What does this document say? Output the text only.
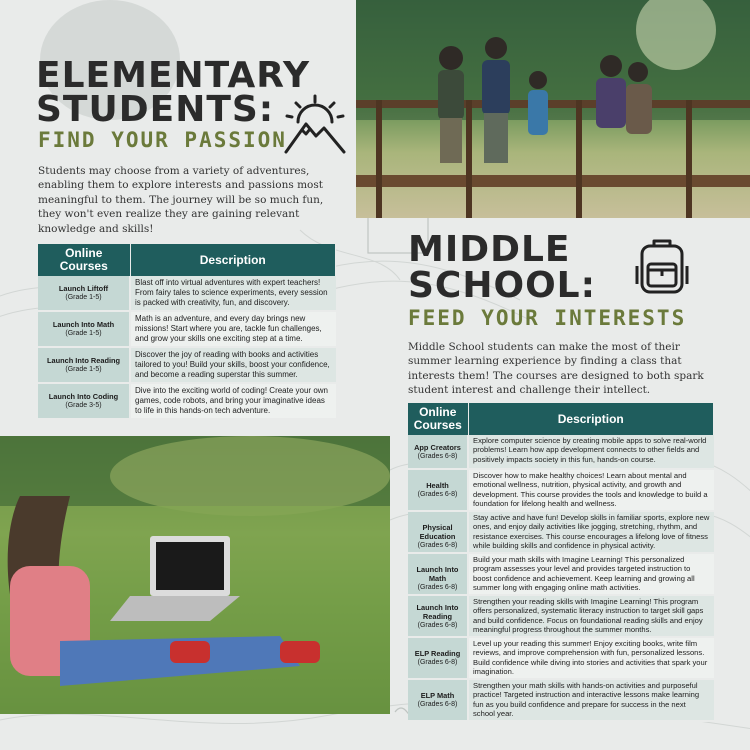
ELEMENTARY
STUDENTS:
FIND YOUR PASSION
Students may choose from a variety of adventures, enabling them to explore interests and passions most meaningful to them. The journey will be so much fun, they won't even realize they are gaining relevant knowledge and skills!
Online
Courses	Description

Launch Liftoff
(Grade 1-5)	Blast off into virtual adventures with expert teachers! From fairy tales to science experiments, every session is packed with creativity, fun, and discovery.

Launch Into Math
(Grade 1-5)	Math is an adventure, and every day brings new missions! Start where you are, tackle fun challenges, and grow your skills one exciting step at a time.

Launch Into Reading
(Grade 1-5)	Discover the joy of reading with books and activities tailored to you! Build your skills, boost your confidence, and become a reading superstar this summer.

Launch Into Coding
(Grade 3-5)	Dive into the exciting world of coding! Create your own games, code robots, and bring your imaginative ideas to life in this hands-on tech adventure.
MIDDLE
SCHOOL:
FEED YOUR INTERESTS
Middle School students can make the most of their summer learning experience by finding a class that interests them! The courses are designed to both spark student interest and challenge their intellect.
Online
Courses	Description

App Creators
(Grades 6-8)	Explore computer science by creating mobile apps to solve real-world problems! Learn how app development connects to other fields and positively impacts society in this fun, hands-on course.

Health
(Grades 6-8)	Discover how to make healthy choices! Learn about mental and emotional wellness, nutrition, physical activity, and growth and development. This course provides the tools and knowledge to build a foundation for lifelong health and wellness.

Physical Education
(Grades 6-8)	Stay active and have fun! Develop skills in familiar sports, explore new ones, and enjoy daily activities like jogging, stretching, rhythm, and resistance exercises. This course encourages a lifelong love of fitness while building skills and confidence in physical activity.

Launch Into Math
(Grades 6-8)	Build your math skills with Imagine Learning! This personalized program assesses your level and provides targeted instruction to boost confidence and achievement. Keep learning and growing all summer long with engaging online math activities.

Launch Into Reading
(Grades 6-8)	Strengthen your reading skills with Imagine Learning! This program offers personalized, systematic literacy instruction to target skill gaps and build confidence. Focus on foundational reading skills and enjoy meaningful progress throughout the summer months.

ELP Reading
(Grades 6-8)	Level up your reading this summer! Enjoy exciting books, write film reviews, and improve comprehension with fun, personalized lessons. Build confidence while diving into stories and activities that spark your imagination.

ELP Math
(Grades 6-8)	Strengthen your math skills with hands-on activities and purposeful practice! Targeted instruction and interactive lessons make learning fun as you build confidence and prepare for success in the next school year.
